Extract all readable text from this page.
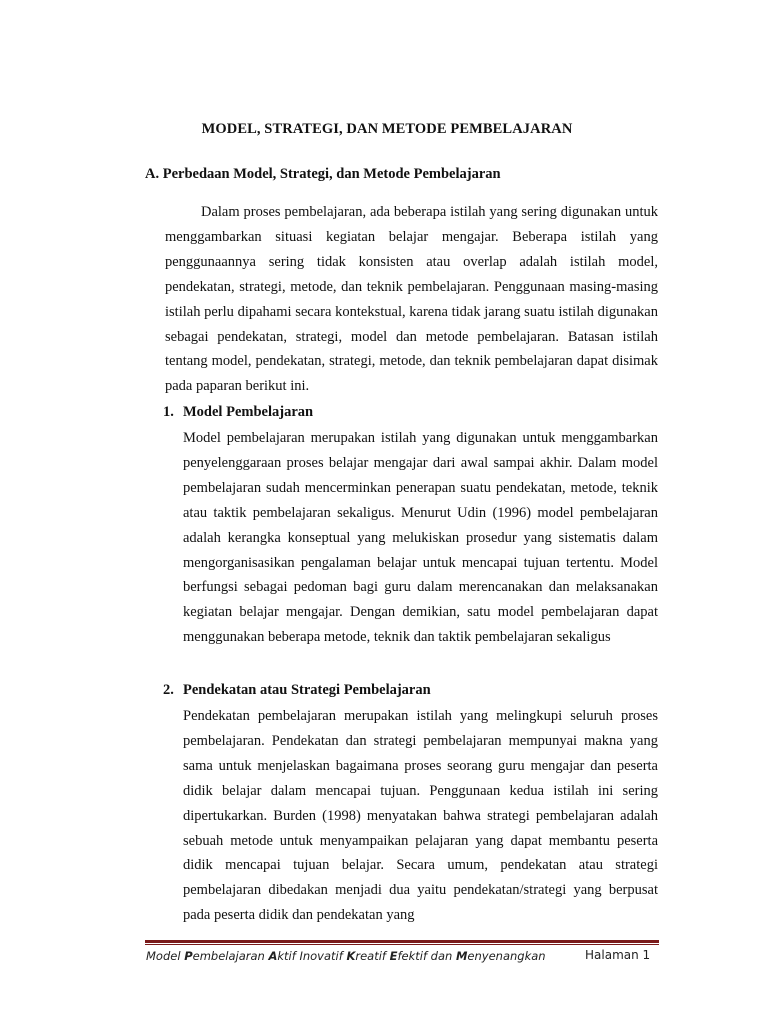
MODEL, STRATEGI, DAN METODE PEMBELAJARAN
A. Perbedaan Model, Strategi, dan Metode Pembelajaran

Dalam proses pembelajaran, ada beberapa istilah yang sering digunakan untuk menggambarkan situasi kegiatan belajar mengajar. Beberapa istilah yang penggunaannya sering tidak konsisten atau overlap adalah istilah model, pendekatan, strategi, metode, dan teknik pembelajaran. Penggunaan masing-masing istilah perlu dipahami secara kontekstual, karena tidak jarang suatu istilah digunakan sebagai pendekatan, strategi, model dan metode pembelajaran. Batasan istilah tentang model, pendekatan, strategi, metode, dan teknik pembelajaran dapat disimak pada paparan berikut ini.

1. Model Pembelajaran

Model pembelajaran merupakan istilah yang digunakan untuk menggambarkan penyelenggaraan proses belajar mengajar dari awal sampai akhir. Dalam model pembelajaran sudah mencerminkan penerapan suatu pendekatan, metode, teknik atau taktik pembelajaran sekaligus. Menurut Udin (1996) model pembelajaran adalah kerangka konseptual yang melukiskan prosedur yang sistematis dalam mengorganisasikan pengalaman belajar untuk mencapai tujuan tertentu. Model berfungsi sebagai pedoman bagi guru dalam merencanakan dan melaksanakan kegiatan belajar mengajar. Dengan demikian, satu model pembelajaran dapat menggunakan beberapa metode, teknik dan taktik pembelajaran sekaligus

2. Pendekatan atau Strategi Pembelajaran

Pendekatan pembelajaran merupakan istilah yang melingkupi seluruh proses pembelajaran. Pendekatan dan strategi pembelajaran mempunyai makna yang sama untuk menjelaskan bagaimana proses seorang guru mengajar dan peserta didik belajar dalam mencapai tujuan. Penggunaan kedua istilah ini sering dipertukarkan. Burden (1998) menyatakan bahwa strategi pembelajaran adalah sebuah metode untuk menyampaikan pelajaran yang dapat membantu peserta didik mencapai tujuan belajar. Secara umum, pendekatan atau strategi pembelajaran dibedakan menjadi dua yaitu pendekatan/strategi yang berpusat pada peserta didik dan pendekatan yang

Model Pembelajaran Aktif Inovatif Kreatif Efektif dan Menyenangkan	Halaman 1
